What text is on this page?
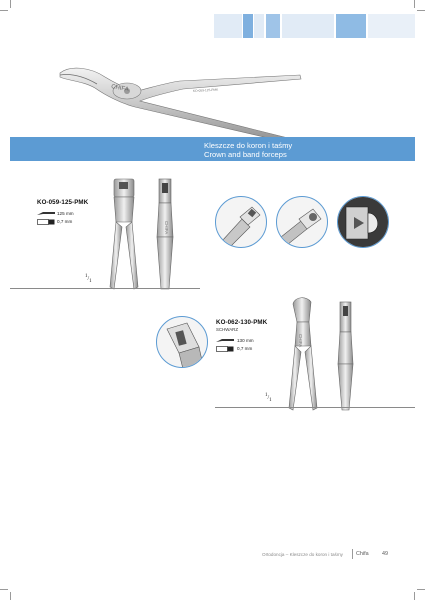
CHIFA	KO-059-125-PMK
Kleszcze do koron i taśmy
Crown and band forceps
KO-059-125-PMK
125 mm
0,7 mm	CHIFA
$^1/_1$
KO-062-130-PMK
SCHWARZ
130 mm
0,7 mm
CHIFA
$^1/_1$
Ortodoncja – Kleszcze do koron i taśmy Chifa 49
